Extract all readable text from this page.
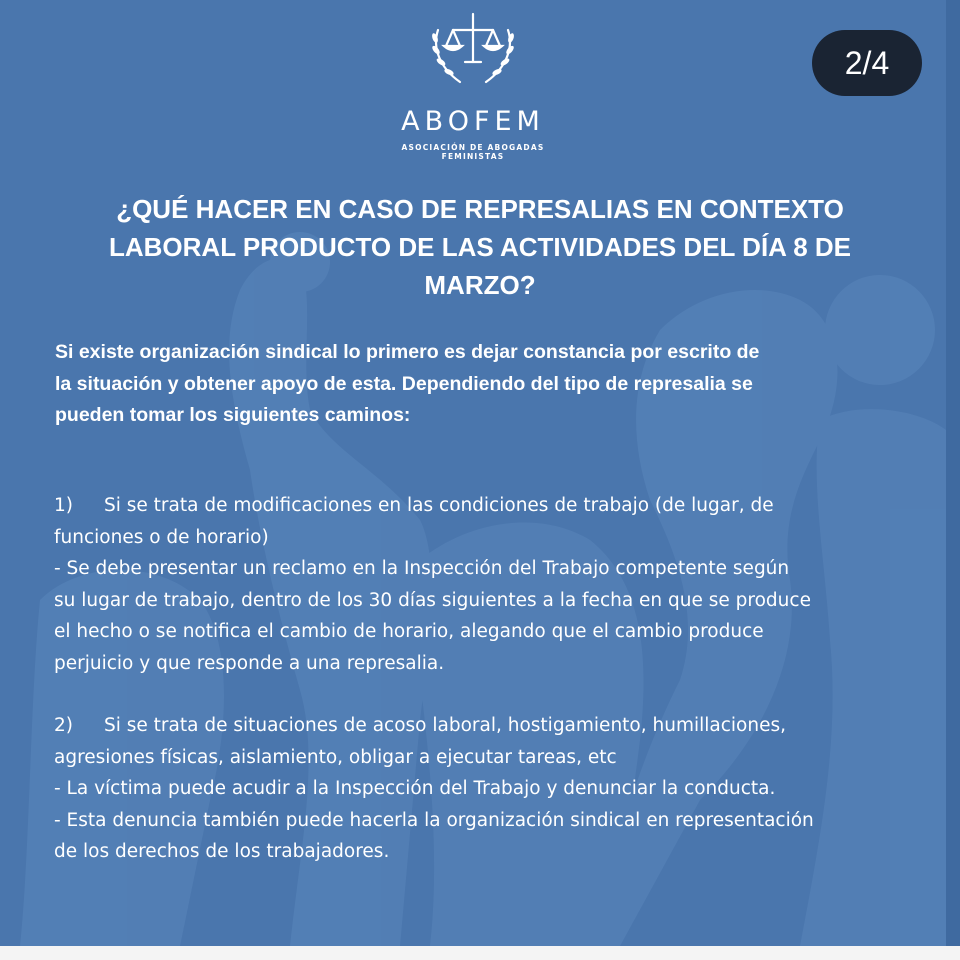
ABOFEM
ASOCIACIÓN DE ABOGADAS
FEMINISTAS
¿QUÉ HACER EN CASO DE REPRESALIAS EN CONTEXTO
LABORAL PRODUCTO DE LAS ACTIVIDADES DEL DÍA 8 DE
MARZO?
Si existe organización sindical lo primero es dejar constancia por escrito de
la situación y obtener apoyo de esta. Dependiendo del tipo de represalia se
pueden tomar los siguientes caminos:
1) Si se trata de modificaciones en las condiciones de trabajo (de lugar, de
funciones o de horario)
- Se debe presentar un reclamo en la Inspección del Trabajo competente según
su lugar de trabajo, dentro de los 30 días siguientes a la fecha en que se produce
el hecho o se notifica el cambio de horario, alegando que el cambio produce
perjuicio y que responde a una represalia.
2) Si se trata de situaciones de acoso laboral, hostigamiento, humillaciones,
agresiones físicas, aislamiento, obligar a ejecutar tareas, etc
- La víctima puede acudir a la Inspección del Trabajo y denunciar la conducta.
- Esta denuncia también puede hacerla la organización sindical en representación
de los derechos de los trabajadores.
2/4
